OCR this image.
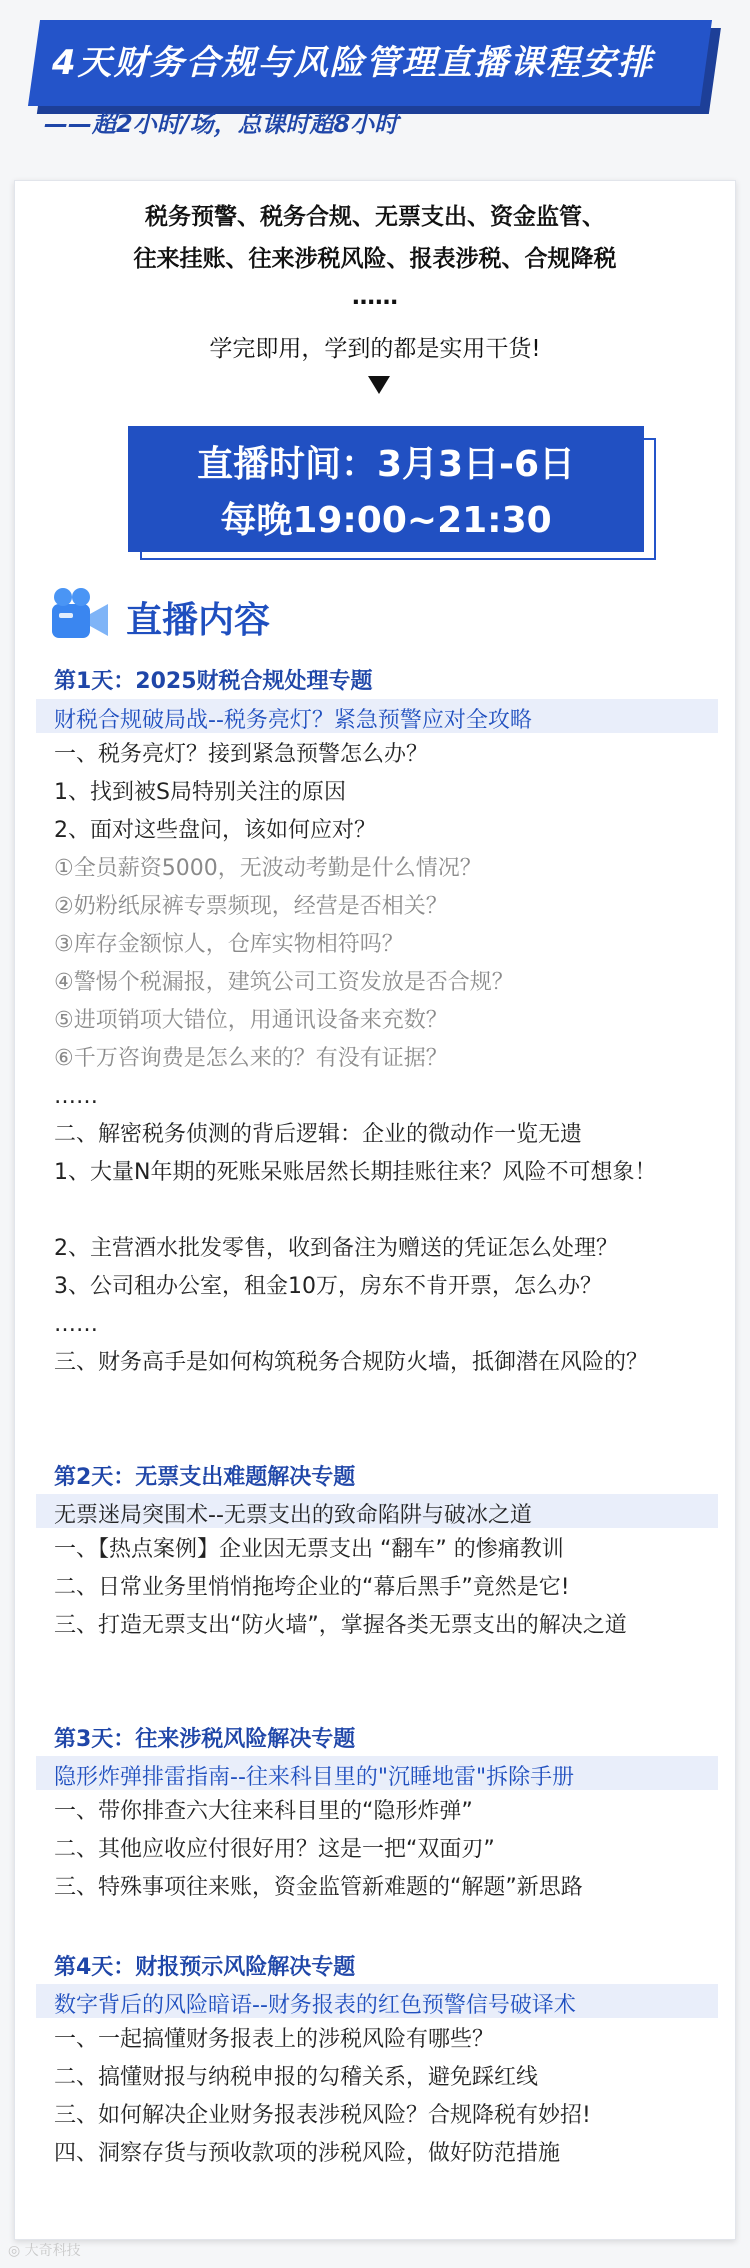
4天财务合规与风险管理直播课程安排
——超2小时/场，总课时超8小时
税务预警、税务合规、无票支出、资金监管、
往来挂账、往来涉税风险、报表涉税、合规降税
……
学完即用，学到的都是实用干货!
直播时间：3月3日-6日
每晚19:00~21:30
直播内容
第1天：2025财税合规处理专题
财税合规破局战--税务亮灯？紧急预警应对全攻略
一、税务亮灯？接到紧急预警怎么办？
1、找到被S局特别关注的原因
2、面对这些盘问，该如何应对？
①全员薪资5000，无波动考勤是什么情况？
②奶粉纸尿裤专票频现，经营是否相关？
③库存金额惊人，仓库实物相符吗？
④警惕个税漏报，建筑公司工资发放是否合规？
⑤进项销项大错位，用通讯设备来充数？
⑥千万咨询费是怎么来的？有没有证据？
……
二、解密税务侦测的背后逻辑：企业的微动作一览无遗
1、大量N年期的死账呆账居然长期挂账往来？风险不可想象！
2、主营酒水批发零售，收到备注为赠送的凭证怎么处理？
3、公司租办公室，租金10万，房东不肯开票，怎么办？
……
三、财务高手是如何构筑税务合规防火墙，抵御潜在风险的？
第2天：无票支出难题解决专题
无票迷局突围术--无票支出的致命陷阱与破冰之道
一、【热点案例】企业因无票支出 “翻车” 的惨痛教训
二、日常业务里悄悄拖垮企业的“幕后黑手”竟然是它!
三、打造无票支出“防火墙”，掌握各类无票支出的解决之道
第3天：往来涉税风险解决专题
隐形炸弹排雷指南--往来科目里的"沉睡地雷"拆除手册
一、带你排查六大往来科目里的“隐形炸弹”
二、其他应收应付很好用？这是一把“双面刃”
三、特殊事项往来账，资金监管新难题的“解题”新思路
第4天：财报预示风险解决专题
数字背后的风险暗语--财务报表的红色预警信号破译术
一、一起搞懂财务报表上的涉税风险有哪些？
二、搞懂财报与纳税申报的勾稽关系，避免踩红线
三、如何解决企业财务报表涉税风险？合规降税有妙招!
四、洞察存货与预收款项的涉税风险，做好防范措施
◎ 大奇科技
